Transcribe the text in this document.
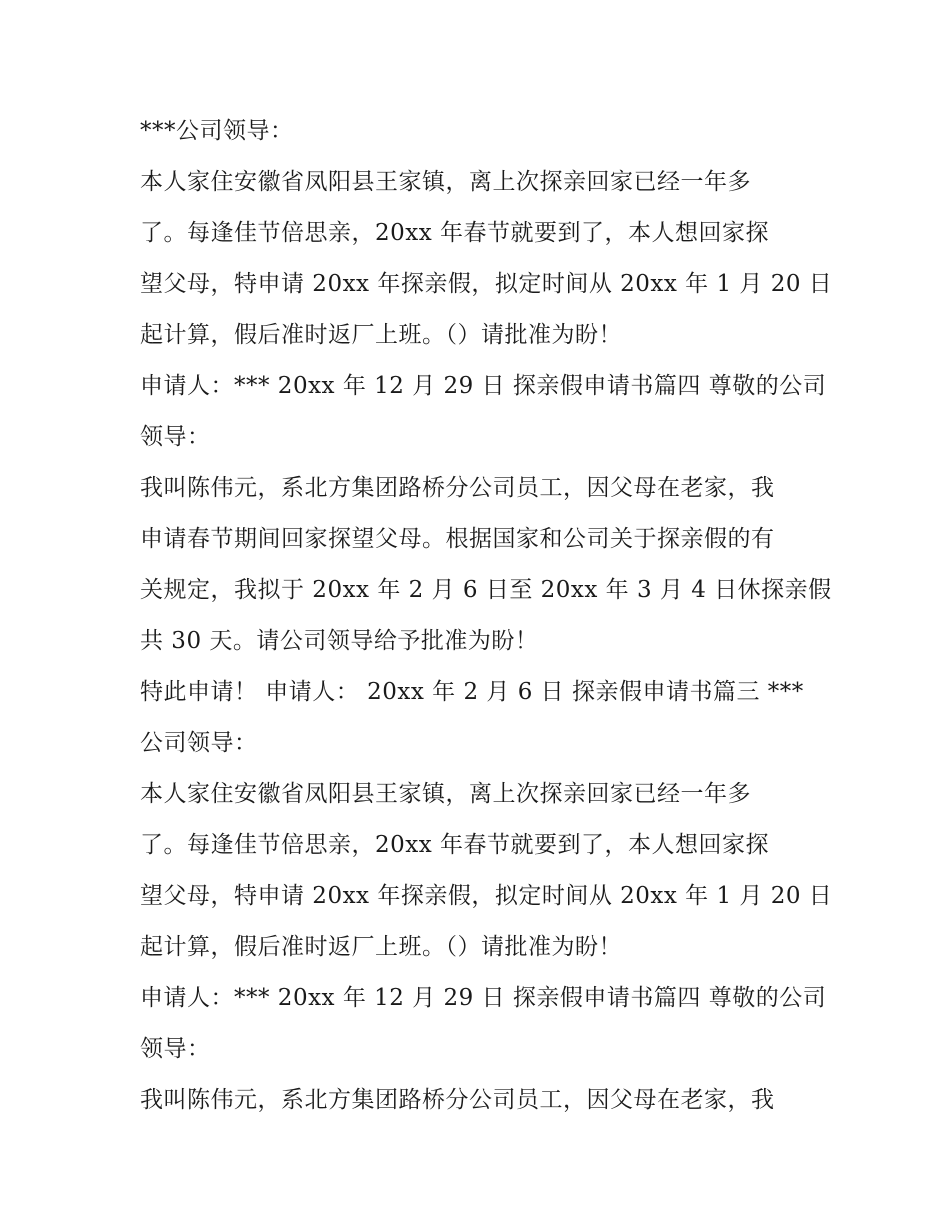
***公司领导：
本人家住安徽省凤阳县王家镇，离上次探亲回家已经一年多
了。每逢佳节倍思亲，20xx 年春节就要到了，本人想回家探
望父母，特申请 20xx 年探亲假，拟定时间从 20xx 年 1 月 20 日
起计算，假后准时返厂上班。（）请批准为盼！
申请人：*** 20xx 年 12 月 29 日 探亲假申请书篇四 尊敬的公司
领导：
我叫陈伟元，系北方集团路桥分公司员工，因父母在老家，我
申请春节期间回家探望父母。根据国家和公司关于探亲假的有
关规定，我拟于 20xx 年 2 月 6 日至 20xx 年 3 月 4 日休探亲假
共 30 天。请公司领导给予批准为盼！
特此申请！ 申请人： 20xx 年 2 月 6 日 探亲假申请书篇三 ***
公司领导：
本人家住安徽省凤阳县王家镇，离上次探亲回家已经一年多
了。每逢佳节倍思亲，20xx 年春节就要到了，本人想回家探
望父母，特申请 20xx 年探亲假，拟定时间从 20xx 年 1 月 20 日
起计算，假后准时返厂上班。（）请批准为盼！
申请人：*** 20xx 年 12 月 29 日 探亲假申请书篇四 尊敬的公司
领导：
我叫陈伟元，系北方集团路桥分公司员工，因父母在老家，我
